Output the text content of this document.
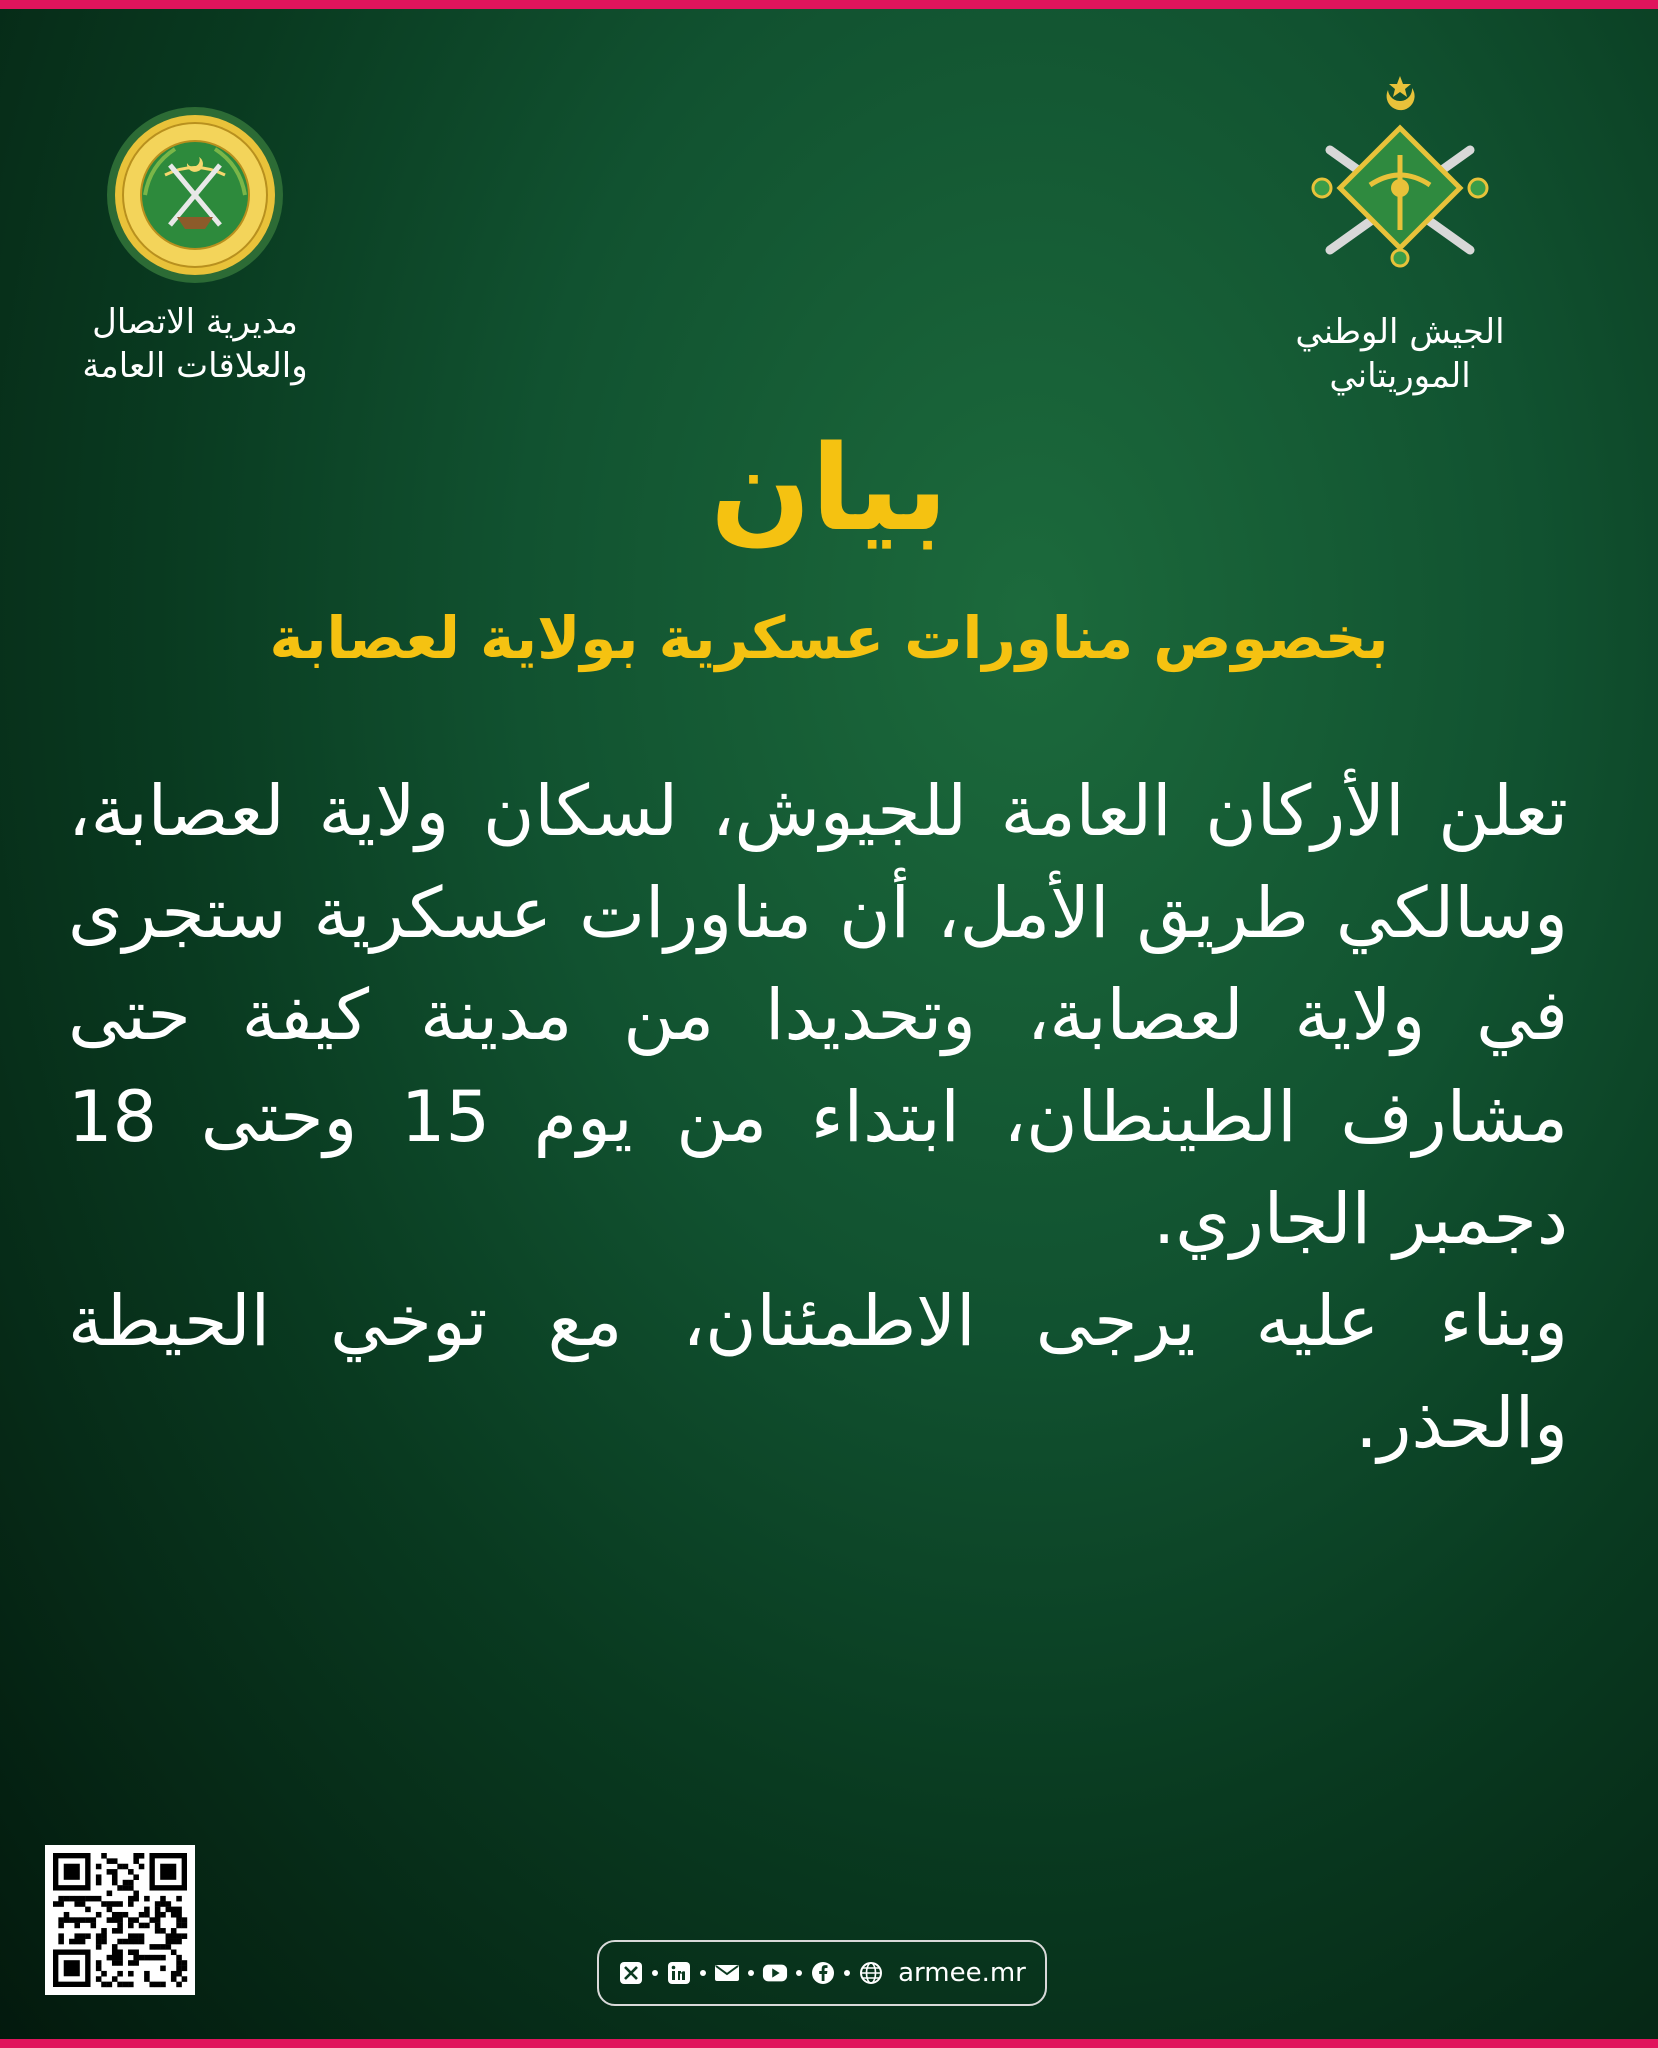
مديرية الاتصال
والعلاقات العامة
الجيش الوطني
الموريتاني
بيان
بخصوص مناورات عسكرية بولاية لعصابة

تعلن الأركان العامة للجيوش، لسكان ولاية لعصابة، وسالكي طريق الأمل، أن مناورات عسكرية ستجرى في ولاية لعصابة، وتحديدا من مدينة كيفة حتى مشارف الطينطان، ابتداء من يوم 15 وحتى 18 دجمبر الجاري.

وبناء عليه يرجى الاطمئنان، مع توخي الحيطة والحذر.

armee.mr
